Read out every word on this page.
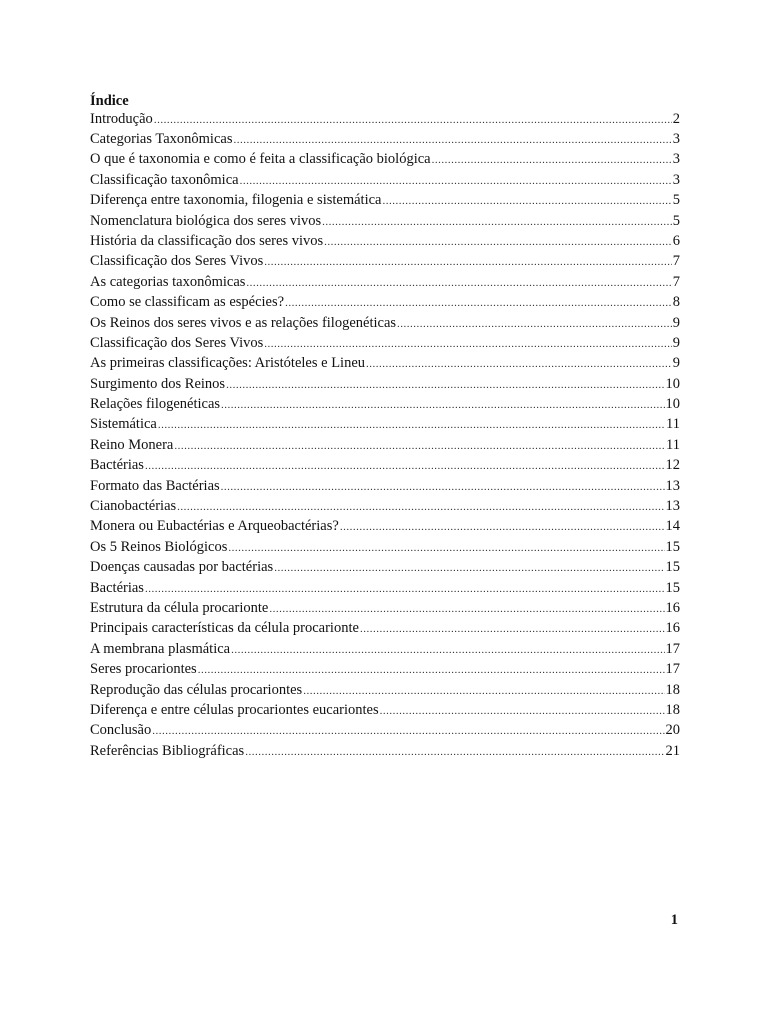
Índice
Introdução .....	2
Categorias Taxonômicas .....	3
O que é taxonomia e como é feita a classificação biológica .....	3
Classificação taxonômica .....	3
Diferença entre taxonomia, filogenia e sistemática .....	5
Nomenclatura biológica dos seres vivos .....	5
História da classificação dos seres vivos .....	6
Classificação dos Seres Vivos .....	7
As categorias taxonômicas .....	7
Como se classificam as espécies? .....	8
Os Reinos dos seres vivos e as relações filogenéticas .....	9
Classificação dos Seres Vivos .....	9
As primeiras classificações: Aristóteles e Lineu .....	9
Surgimento dos Reinos .....	10
Relações filogenéticas .....	10
Sistemática .....	11
Reino Monera .....	11
Bactérias .....	12
Formato das Bactérias .....	13
Cianobactérias .....	13
Monera ou Eubactérias e Arqueobactérias? .....	14
Os 5 Reinos Biológicos .....	15
Doenças causadas por bactérias .....	15
Bactérias .....	15
Estrutura da célula procarionte .....	16
Principais características da célula procarionte .....	16
A membrana plasmática .....	17
Seres procariontes .....	17
Reprodução das células procariontes .....	18
Diferença e entre células procariontes eucariontes .....	18
Conclusão .....	20
Referências Bibliográficas .....	21
1
